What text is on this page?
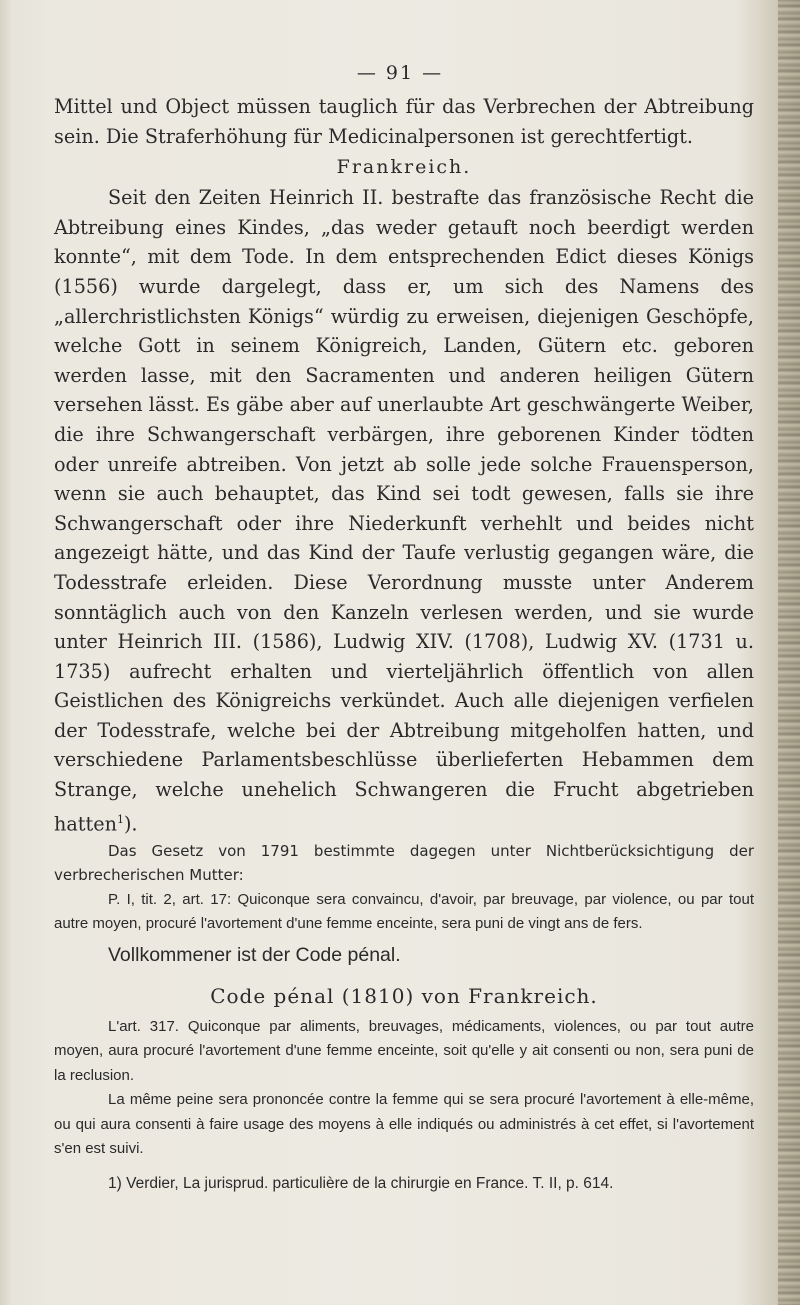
— 91 —

Mittel und Object müssen tauglich für das Verbrechen der Abtreibung sein. Die Straferhöhung für Medicinalpersonen ist gerechtfertigt.

Frankreich.

Seit den Zeiten Heinrich II. bestrafte das französische Recht die Abtreibung eines Kindes, „das weder getauft noch beerdigt werden konnte“, mit dem Tode. In dem entsprechenden Edict dieses Königs (1556) wurde dargelegt, dass er, um sich des Namens des „allerchristlichsten Königs“ würdig zu erweisen, diejenigen Geschöpfe, welche Gott in seinem Königreich, Landen, Gütern etc. geboren werden lasse, mit den Sacramenten und anderen heiligen Gütern versehen lässt. Es gäbe aber auf unerlaubte Art geschwängerte Weiber, die ihre Schwangerschaft verbärgen, ihre geborenen Kinder tödten oder unreife abtreiben. Von jetzt ab solle jede solche Frauensperson, wenn sie auch behauptet, das Kind sei todt gewesen, falls sie ihre Schwangerschaft oder ihre Niederkunft verhehlt und beides nicht angezeigt hätte, und das Kind der Taufe verlustig gegangen wäre, die Todesstrafe erleiden. Diese Verordnung musste unter Anderem sonntäglich auch von den Kanzeln verlesen werden, und sie wurde unter Heinrich III. (1586), Ludwig XIV. (1708), Ludwig XV. (1731 u. 1735) aufrecht erhalten und vierteljährlich öffentlich von allen Geistlichen des Königreichs verkündet. Auch alle diejenigen verfielen der Todesstrafe, welche bei der Abtreibung mitgeholfen hatten, und verschiedene Parlamentsbeschlüsse überlieferten Hebammen dem Strange, welche unehelich Schwangeren die Frucht abgetrieben hatten$^1$).

Das Gesetz von 1791 bestimmte dagegen unter Nichtberücksichtigung der verbrecherischen Mutter:

P. I, tit. 2, art. 17: Quiconque sera convaincu, d'avoir, par breuvage, par violence, ou par tout autre moyen, procuré l'avortement d'une femme enceinte, sera puni de vingt ans de fers.

Vollkommener ist der Code pénal.

Code pénal (1810) von Frankreich.

L'art. 317. Quiconque par aliments, breuvages, médicaments, violences, ou par tout autre moyen, aura procuré l'avortement d'une femme enceinte, soit qu'elle y ait consenti ou non, sera puni de la reclusion.

La même peine sera prononcée contre la femme qui se sera procuré l'avortement à elle-même, ou qui aura consenti à faire usage des moyens à elle indiqués ou administrés à cet effet, si l'avortement s'en est suivi.

1) Verdier, La jurisprud. particulière de la chirurgie en France. T. II, p. 614.
